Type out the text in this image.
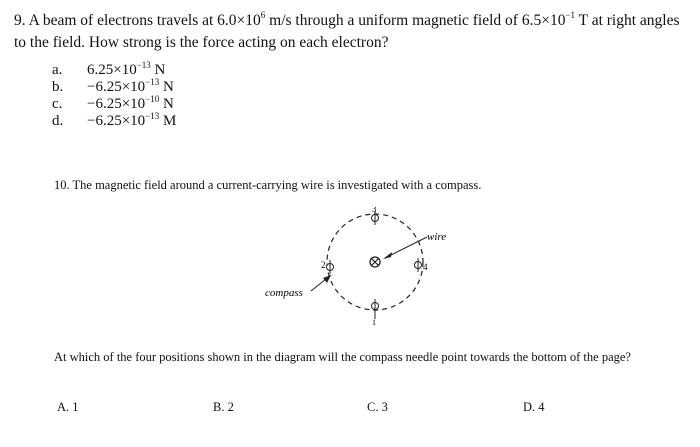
9. A beam of electrons travels at $6.0\times 10^6$ m/s through a uniform magnetic field of $6.5\times 10^{-1}$ T at right angles to the field. How strong is the force acting on each electron?

a. $6.25\times 10^{-13}$ N
b. $-6.25\times 10^{-13}$ N
c. $-6.25\times 10^{-10}$ N
d. $-6.25\times 10^{-13}$ M
10. The magnetic field around a current-carrying wire is investigated with a compass.
wire
compass
3
2	4
1
At which of the four positions shown in the diagram will the compass needle point towards the bottom of the page?
A. 1	B. 2	C. 3	D. 4
